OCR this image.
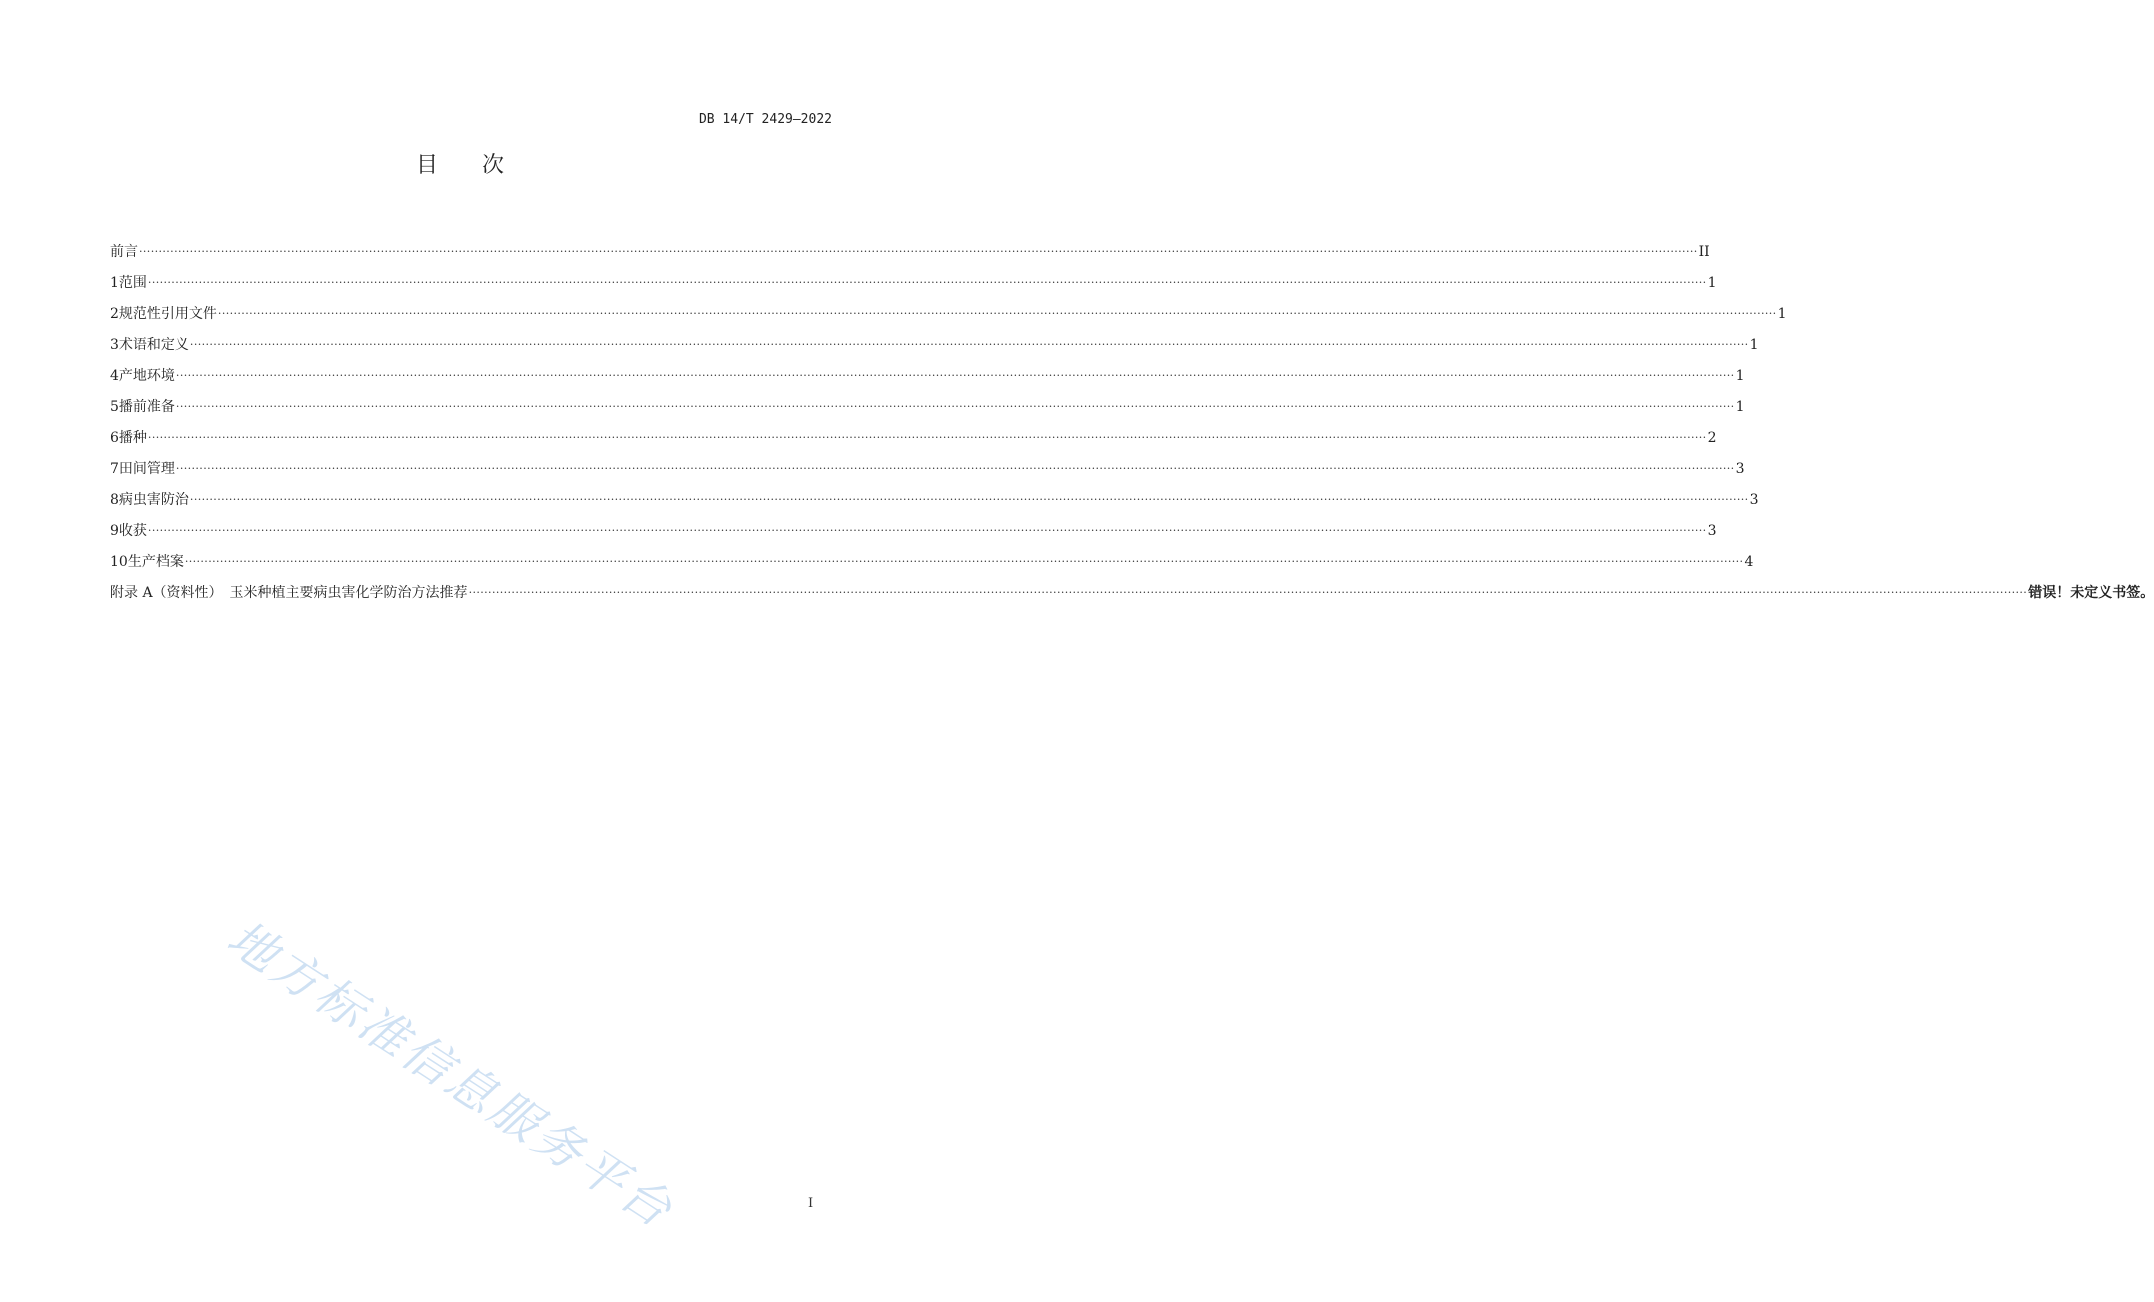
DB 14/T 2429—2022
目次
前言 ................................................................................................................................................................................................................................................................................................................................................................................................................ II
1 范围 ................................................................................................................................................................................................................................................................................................................................................................................................................ 1
2 规范性引用文件 ................................................................................................................................................................................................................................................................................................................................................................................................................ 1
3 术语和定义 ................................................................................................................................................................................................................................................................................................................................................................................................................ 1
4 产地环境 ................................................................................................................................................................................................................................................................................................................................................................................................................ 1
5 播前准备 ................................................................................................................................................................................................................................................................................................................................................................................................................ 1
6 播种 ................................................................................................................................................................................................................................................................................................................................................................................................................ 2
7 田间管理 ................................................................................................................................................................................................................................................................................................................................................................................................................ 3
8 病虫害防治 ................................................................................................................................................................................................................................................................................................................................................................................................................ 3
9 收获 ................................................................................................................................................................................................................................................................................................................................................................................................................ 3
10 生产档案 ................................................................................................................................................................................................................................................................................................................................................................................................................ 4
附录 A（资料性）　玉米种植主要病虫害化学防治方法推荐 ................................................................................................................................................................................................................................................................................................................................................................................................................ 错误！未定义书签。
地方标准信息服务平台	I
